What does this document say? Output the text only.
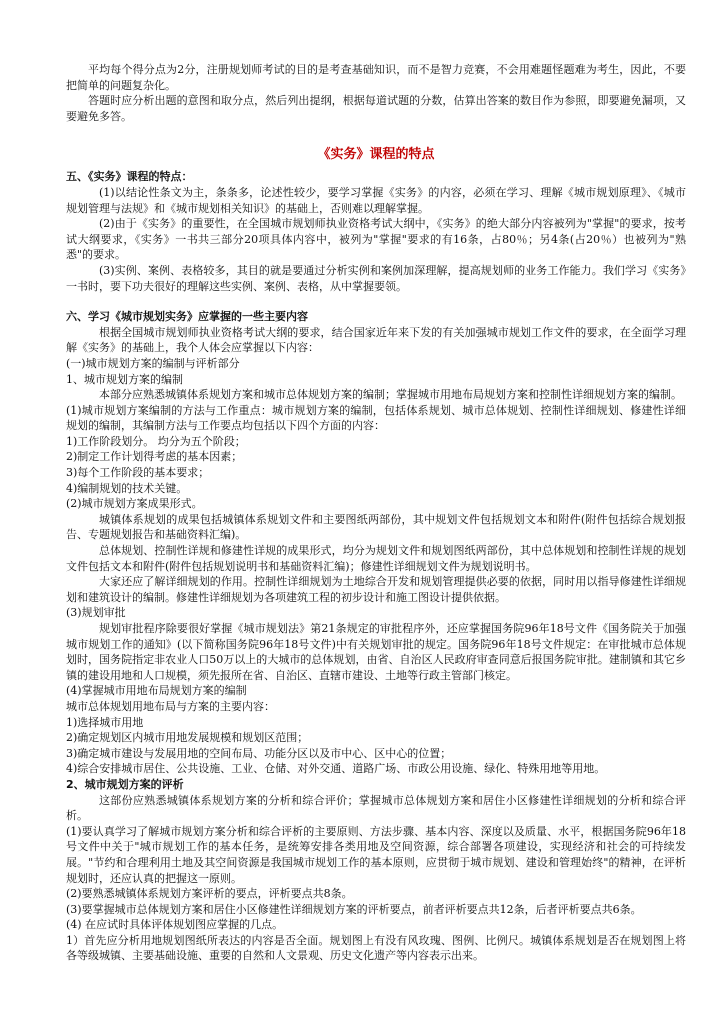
平均每个得分点为2分，注册规划师考试的目的是考查基础知识，而不是智力竞赛，不会用难题怪题难为考生，因此，不要把简单的问题复杂化。

答题时应分析出题的意图和取分点，然后列出提纲，根据每道试题的分数，估算出答案的数目作为参照，即要避免漏项，又要避免多答。

《实务》课程的特点

五、《实务》课程的特点：

(1)以结论性条文为主，条条多，论述性较少，要学习掌握《实务》的内容，必须在学习、理解《城市规划原理》、《城市规划管理与法规》和《城市规划相关知识》的基础上，否则难以理解掌握。

(2)由于《实务》的重要性，在全国城市规划师执业资格考试大纲中，《实务》的绝大部分内容被列为"掌握"的要求，按考试大纲要求，《实务》一书共三部分20项具体内容中，被列为"掌握"要求的有16条，占80％；另4条(占20％）也被列为"熟悉"的要求。

(3)实例、案例、表格较多，其目的就是要通过分析实例和案例加深理解，提高规划师的业务工作能力。我们学习《实务》一书时，要下功夫很好的理解这些实例、案例、表格，从中掌握要领。

六、学习《城市规划实务》应掌握的一些主要内容

根据全国城市规划师执业资格考试大纲的要求，结合国家近年来下发的有关加强城市规划工作文件的要求，在全面学习理解《实务》的基础上，我个人体会应掌握以下内容：

(一)城市规划方案的编制与评析部分

1、城市规划方案的编制

本部分应熟悉城镇体系规划方案和城市总体规划方案的编制；掌握城市用地布局规划方案和控制性详细规划方案的编制。

(1)城市规划方案编制的方法与工作重点：城市规划方案的编制，包括体系规划、城市总体规划、控制性详细规划、修建性详细规划的编制，其编制方法与工作要点均包括以下四个方面的内容：

1)工作阶段划分。 均分为五个阶段；

2)制定工作计划得考虑的基本因素；

3)每个工作阶段的基本要求；

4)编制规划的技术关键。

(2)城市规划方案成果形式。

城镇体系规划的成果包括城镇体系规划文件和主要图纸两部份，其中规划文件包括规划文本和附件(附件包括综合规划报告、专题规划报告和基础资料汇编)。

总体规划、控制性详规和修建性详规的成果形式，均分为规划文件和规划图纸两部份，其中总体规划和控制性详规的规划文件包括文本和附件(附件包括规划说明书和基础资料汇编)；修建性详细规划文件为规划说明书。

大家还应了解详细规划的作用。控制性详细规划为土地综合开发和规划管理提供必要的依据，同时用以指导修建性详细规划和建筑设计的编制。修建性详细规划为各项建筑工程的初步设计和施工图设计提供依据。

(3)规划审批

规划审批程序除要很好掌握《城市规划法》第21条规定的审批程序外，还应掌握国务院96年18号文件《国务院关于加强城市规划工作的通知》(以下简称国务院96年18号文件)中有关规划审批的规定。国务院96年18号文件规定：在审批城市总体规划时，国务院指定非农业人口50万以上的大城市的总体规划，由省、自治区人民政府审查同意后报国务院审批。建制镇和其它乡镇的建设用地和人口规模，须先报所在省、自治区、直辖市建设、土地等行政主管部门核定。

(4)掌握城市用地布局规划方案的编制

城市总体规划用地布局与方案的主要内容：

1)选择城市用地

2)确定规划区内城市用地发展规模和规划区范围；

3)确定城市建设与发展用地的空间布局、功能分区以及市中心、区中心的位置；

4)综合安排城市居住、公共设施、工业、仓储、对外交通、道路广场、市政公用设施、绿化、特殊用地等用地。

2、城市规划方案的评析

这部份应熟悉城镇体系规划方案的分析和综合评价；掌握城市总体规划方案和居住小区修建性详细规划的分析和综合评析。

(1)要认真学习了解城市规划方案分析和综合评析的主要原则、方法步骤、基本内容、深度以及质量、水平，根据国务院96年18号文件中关于"城市规划工作的基本任务，是统筹安排各类用地及空间资源，综合部署各项建设，实现经济和社会的可持续发展。"节约和合理利用土地及其空间资源是我国城市规划工作的基本原则，应贯彻于城市规划、建设和管理始终"的精神，在评析规划时，还应认真的把握这一原则。

(2)要熟悉城镇体系规划方案评析的要点，评析要点共8条。

(3)要掌握城市总体规划方案和居住小区修建性详细规划方案的评析要点，前者评析要点共12条，后者评析要点共6条。

(4) 在应试时具体评体规划图应掌握的几点。

1）首先应分析用地规划图纸所表达的内容是否全面。规划图上有没有风玫瑰、图例、比例尺。城镇体系规划是否在规划图上将各等级城镇、主要基础设施、重要的自然和人文景观、历史文化遗产等内容表示出来。
